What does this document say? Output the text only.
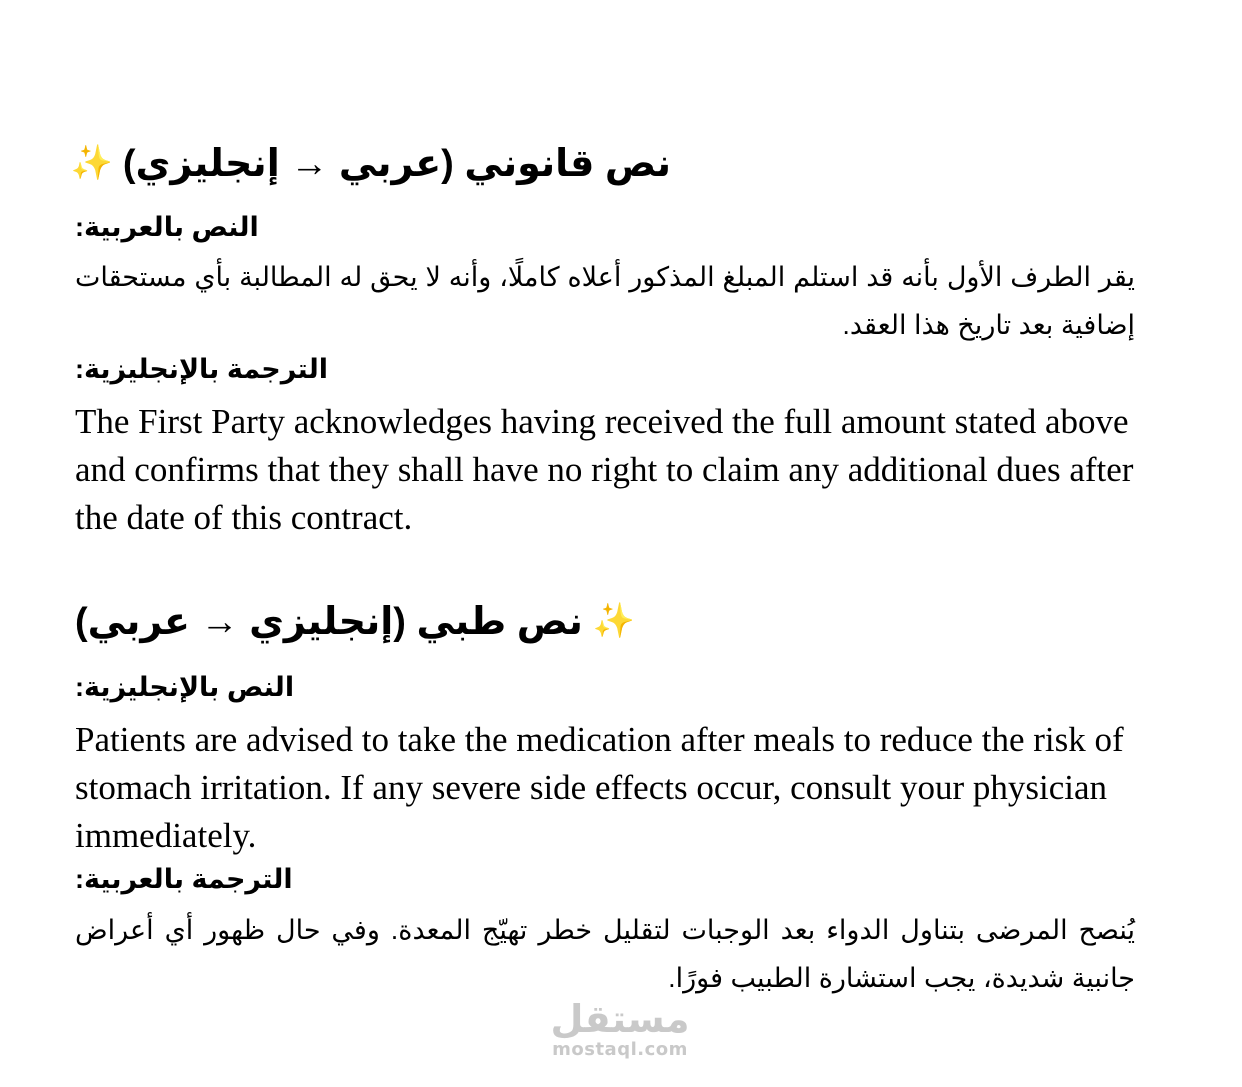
نص قانوني (عربي → إنجليزي)✨
النص بالعربية:
يقر الطرف الأول بأنه قد استلم المبلغ المذكور أعلاه كاملًا، وأنه لا يحق له المطالبة بأي مستحقات إضافية بعد تاريخ هذا العقد.
الترجمة بالإنجليزية:
The First Party acknowledges having received the full amount stated above and confirms that they shall have no right to claim any additional dues after the date of this contract.
✨نص طبي (إنجليزي → عربي)
النص بالإنجليزية:
Patients are advised to take the medication after meals to reduce the risk of stomach irritation. If any severe side effects occur, consult your physician immediately.
الترجمة بالعربية:
يُنصح المرضى بتناول الدواء بعد الوجبات لتقليل خطر تهيّج المعدة. وفي حال ظهور أي أعراض جانبية شديدة، يجب استشارة الطبيب فورًا.
مستقل
mostaql.com
